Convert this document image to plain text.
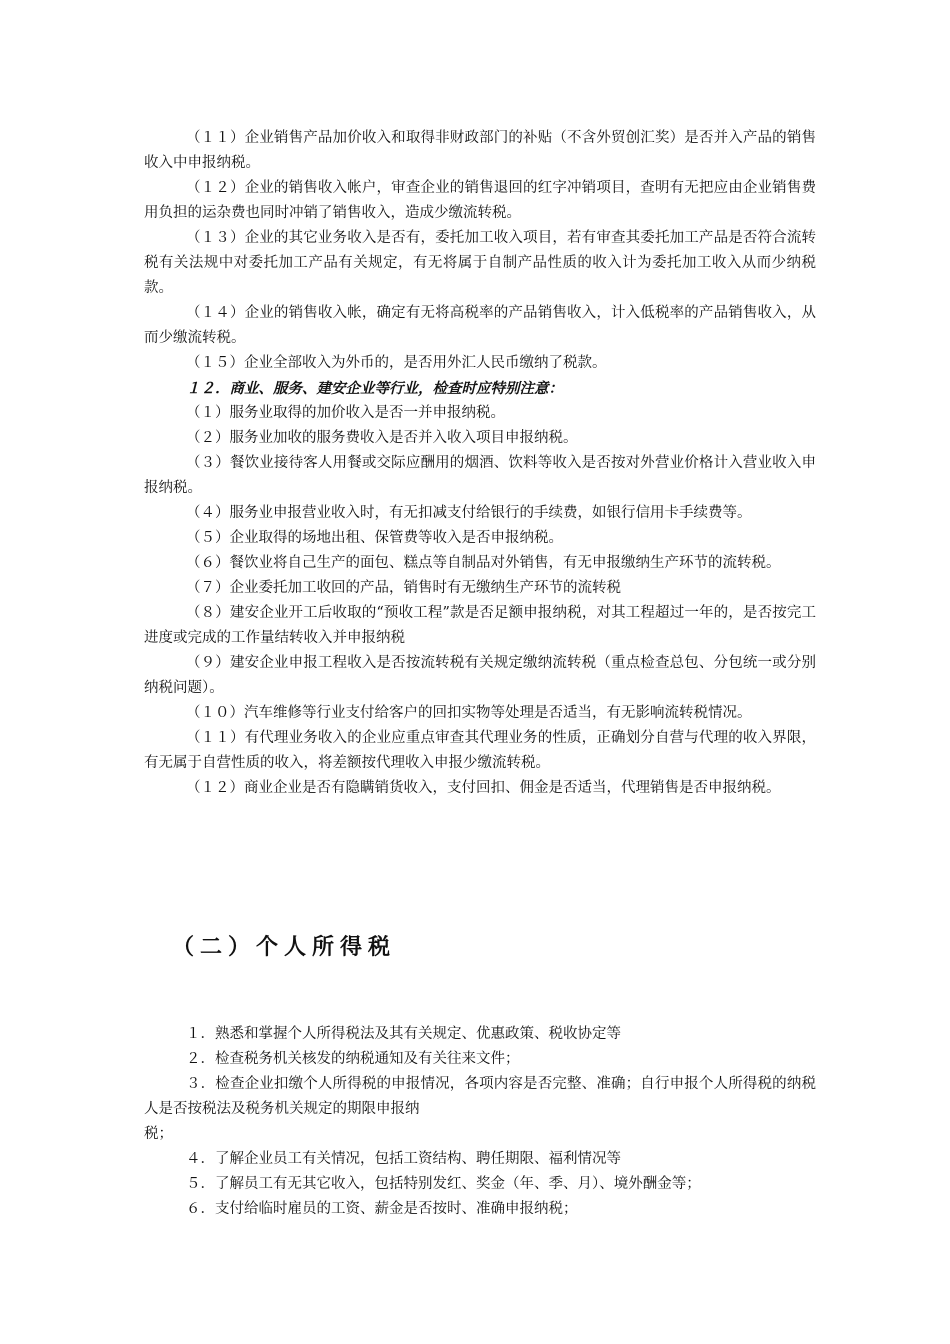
（１１）企业销售产品加价收入和取得非财政部门的补贴（不含外贸创汇奖）是否并入产品的销售收入中申报纳税。

（１２）企业的销售收入帐户，审查企业的销售退回的红字冲销项目，查明有无把应由企业销售费用负担的运杂费也同时冲销了销售收入，造成少缴流转税。

（１３）企业的其它业务收入是否有，委托加工收入项目，若有审查其委托加工产品是否符合流转税有关法规中对委托加工产品有关规定，有无将属于自制产品性质的收入计为委托加工收入从而少纳税款。

（１４）企业的销售收入帐，确定有无将高税率的产品销售收入，计入低税率的产品销售收入，从而少缴流转税。

（１５）企业全部收入为外币的，是否用外汇人民币缴纳了税款。

１２．商业、服务、建安企业等行业，检查时应特别注意：

（１）服务业取得的加价收入是否一并申报纳税。

（２）服务业加收的服务费收入是否并入收入项目申报纳税。

（３）餐饮业接待客人用餐或交际应酬用的烟酒、饮料等收入是否按对外营业价格计入营业收入申报纳税。

（４）服务业申报营业收入时，有无扣减支付给银行的手续费，如银行信用卡手续费等。

（５）企业取得的场地出租、保管费等收入是否申报纳税。

（６）餐饮业将自己生产的面包、糕点等自制品对外销售，有无申报缴纳生产环节的流转税。

（７）企业委托加工收回的产品，销售时有无缴纳生产环节的流转税

（８）建安企业开工后收取的“预收工程”款是否足额申报纳税，对其工程超过一年的，是否按完工进度或完成的工作量结转收入并申报纳税

（９）建安企业申报工程收入是否按流转税有关规定缴纳流转税（重点检查总包、分包统一或分别纳税问题）。

（１０）汽车维修等行业支付给客户的回扣实物等处理是否适当，有无影响流转税情况。

（１１）有代理业务收入的企业应重点审查其代理业务的性质，正确划分自营与代理的收入界限，有无属于自营性质的收入，将差额按代理收入申报少缴流转税。

（１２）商业企业是否有隐瞒销货收入，支付回扣、佣金是否适当，代理销售是否申报纳税。

（二）个人所得税

１．熟悉和掌握个人所得税法及其有关规定、优惠政策、税收协定等

２．检查税务机关核发的纳税通知及有关往来文件；

３．检查企业扣缴个人所得税的申报情况，各项内容是否完整、准确；自行申报个人所得税的纳税人是否按税法及税务机关规定的期限申报纳

税；

４．了解企业员工有关情况，包括工资结构、聘任期限、福利情况等

５．了解员工有无其它收入，包括特别发红、奖金（年、季、月）、境外酬金等；

６．支付给临时雇员的工资、薪金是否按时、准确申报纳税；
